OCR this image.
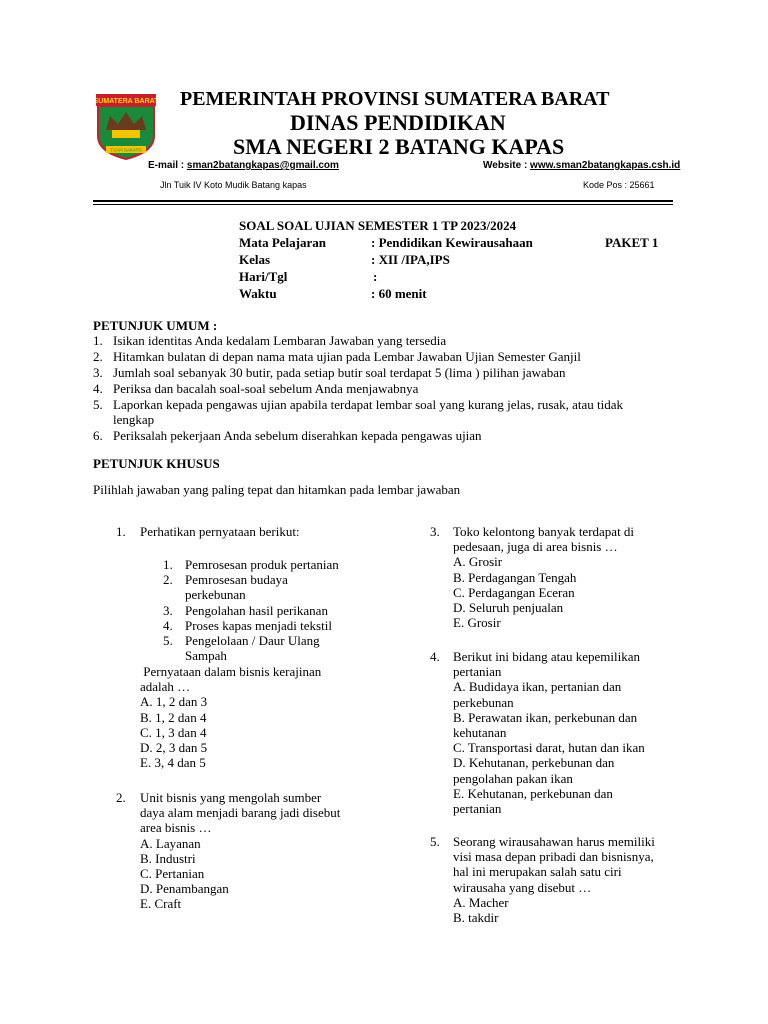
SUMATERA BARAT
TUAH SAKATO
PEMERINTAH PROVINSI SUMATERA BARAT
DINAS PENDIDIKAN
SMA NEGERI 2 BATANG KAPAS
E-mail : sman2batangkapas@gmail.com	Website : www.sman2batangkapas.csh.id
Jln Tuik IV Koto Mudik Batang kapas	Kode Pos : 25661
SOAL SOAL UJIAN SEMESTER 1 TP 2023/2024
PAKET 1
Mata Pelajaran	: Pendidikan Kewirausahaan
Kelas	: XII /IPA,IPS
Hari/Tgl	:
Waktu	: 60 menit
PETUNJUK UMUM :
1. Isikan identitas Anda kedalam Lembaran Jawaban yang tersedia
2. Hitamkan bulatan di depan nama mata ujian pada Lembar Jawaban Ujian Semester Ganjil
3. Jumlah soal sebanyak 30 butir, pada setiap butir soal terdapat 5 (lima ) pilihan jawaban
4. Periksa dan bacalah soal-soal sebelum Anda menjawabnya
5. Laporkan kepada pengawas ujian apabila terdapat lembar soal yang kurang jelas, rusak, atau tidak
lengkap
6. Periksalah pekerjaan Anda sebelum diserahkan kepada pengawas ujian
PETUNJUK KHUSUS
Pilihlah jawaban yang paling tepat dan hitamkan pada lembar jawaban
1.	Perhatikan pernyataan berikut:
1. Pemrosesan produk pertanian
2. Pemrosesan budaya
perkebunan
3. Pengolahan hasil perikanan
4. Proses kapas menjadi tekstil
5. Pengelolaan / Daur Ulang
Sampah
Pernyataan dalam bisnis kerajinan
adalah …
A. 1, 2 dan 3
B. 1, 2 dan 4
C. 1, 3 dan 4
D. 2, 3 dan 5
E. 3, 4 dan 5
2.	Unit bisnis yang mengolah sumber
daya alam menjadi barang jadi disebut
area bisnis …
A. Layanan
B. Industri
C. Pertanian
D. Penambangan
E. Craft
3.	Toko kelontong banyak terdapat di
pedesaan, juga di area bisnis …
A. Grosir
B. Perdagangan Tengah
C. Perdagangan Eceran
D. Seluruh penjualan
E. Grosir
4.	Berikut ini bidang atau kepemilikan
pertanian
A. Budidaya ikan, pertanian dan
perkebunan
B. Perawatan ikan, perkebunan dan
kehutanan
C. Transportasi darat, hutan dan ikan
D. Kehutanan, perkebunan dan
pengolahan pakan ikan
E. Kehutanan, perkebunan dan
pertanian
5.	Seorang wirausahawan harus memiliki
visi masa depan pribadi dan bisnisnya,
hal ini merupakan salah satu ciri
wirausaha yang disebut …
A. Macher
B. takdir
